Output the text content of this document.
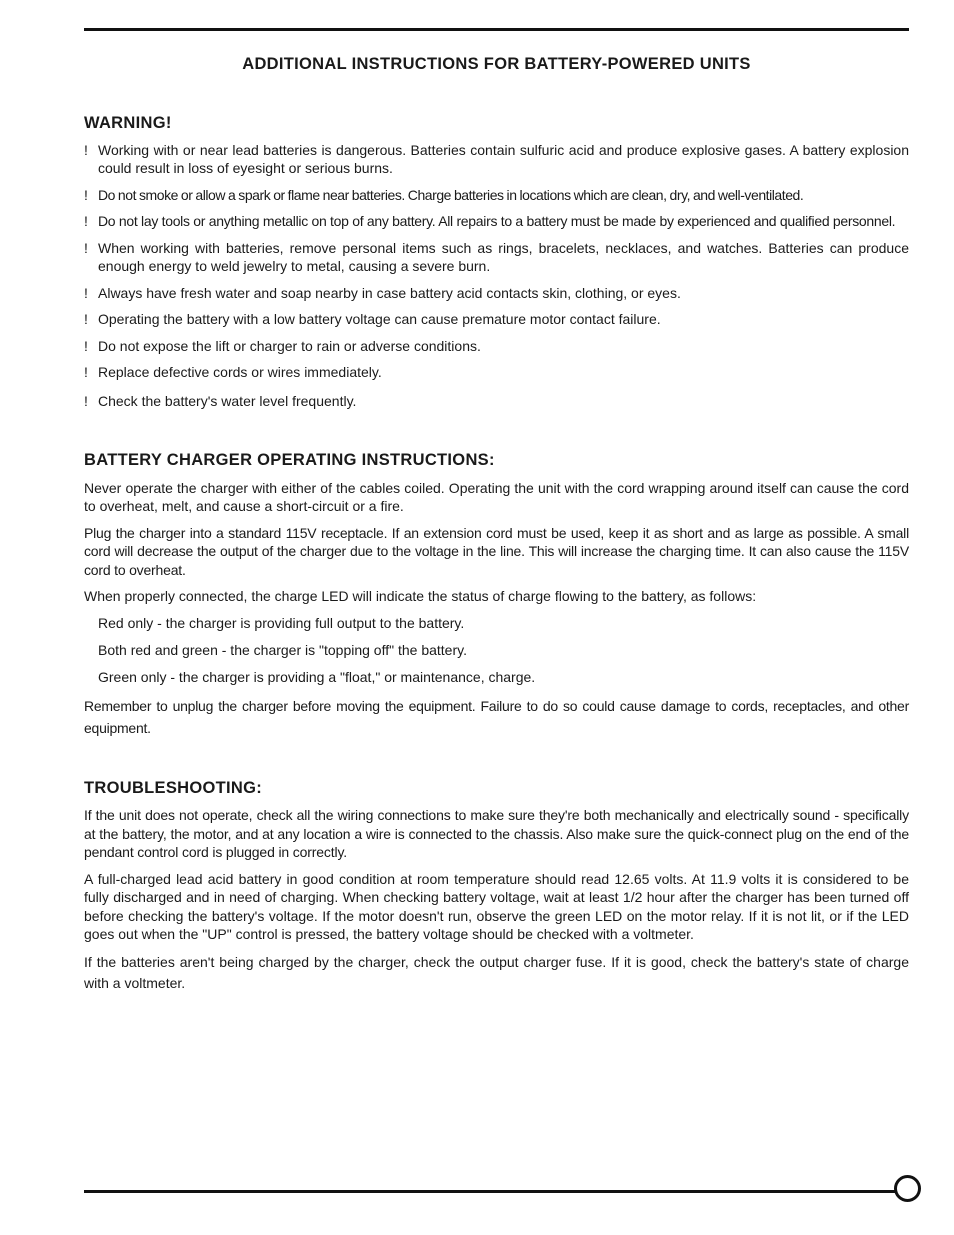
ADDITIONAL INSTRUCTIONS FOR BATTERY-POWERED UNITS
WARNING!
! Working with or near lead batteries is dangerous. Batteries contain sulfuric acid and produce explosive gases. A battery explosion could result in loss of eyesight or serious burns.
! Do not smoke or allow a spark or flame near batteries. Charge batteries in locations which are clean, dry, and well-ventilated.
! Do not lay tools or anything metallic on top of any battery. All repairs to a battery must be made by experienced and qualified personnel.
! When working with batteries, remove personal items such as rings, bracelets, necklaces, and watches. Batteries can produce enough energy to weld jewelry to metal, causing a severe burn.
! Always have fresh water and soap nearby in case battery acid contacts skin, clothing, or eyes.
! Operating the battery with a low battery voltage can cause premature motor contact failure.
! Do not expose the lift or charger to rain or adverse conditions.
! Replace defective cords or wires immediately.
! Check the battery's water level frequently.
BATTERY CHARGER OPERATING INSTRUCTIONS:

Never operate the charger with either of the cables coiled. Operating the unit with the cord wrapping around itself can cause the cord to overheat, melt, and cause a short-circuit or a fire.

Plug the charger into a standard 115V receptacle. If an extension cord must be used, keep it as short and as large as possible. A small cord will decrease the output of the charger due to the voltage in the line. This will increase the charging time. It can also cause the 115V cord to overheat.

When properly connected, the charge LED will indicate the status of charge flowing to the battery, as follows:

Red only - the charger is providing full output to the battery.

Both red and green - the charger is "topping off" the battery.

Green only - the charger is providing a "float," or maintenance, charge.

Remember to unplug the charger before moving the equipment. Failure to do so could cause damage to cords, receptacles, and other equipment.

TROUBLESHOOTING:

If the unit does not operate, check all the wiring connections to make sure they're both mechanically and electrically sound - specifically at the battery, the motor, and at any location a wire is connected to the chassis. Also make sure the quick-connect plug on the end of the pendant control cord is plugged in correctly.

A full-charged lead acid battery in good condition at room temperature should read 12.65 volts. At 11.9 volts it is considered to be fully discharged and in need of charging. When checking battery voltage, wait at least 1/2 hour after the charger has been turned off before checking the battery's voltage. If the motor doesn't run, observe the green LED on the motor relay. If it is not lit, or if the LED goes out when the "UP" control is pressed, the battery voltage should be checked with a voltmeter.

If the batteries aren't being charged by the charger, check the output charger fuse. If it is good, check the battery's state of charge with a voltmeter.
